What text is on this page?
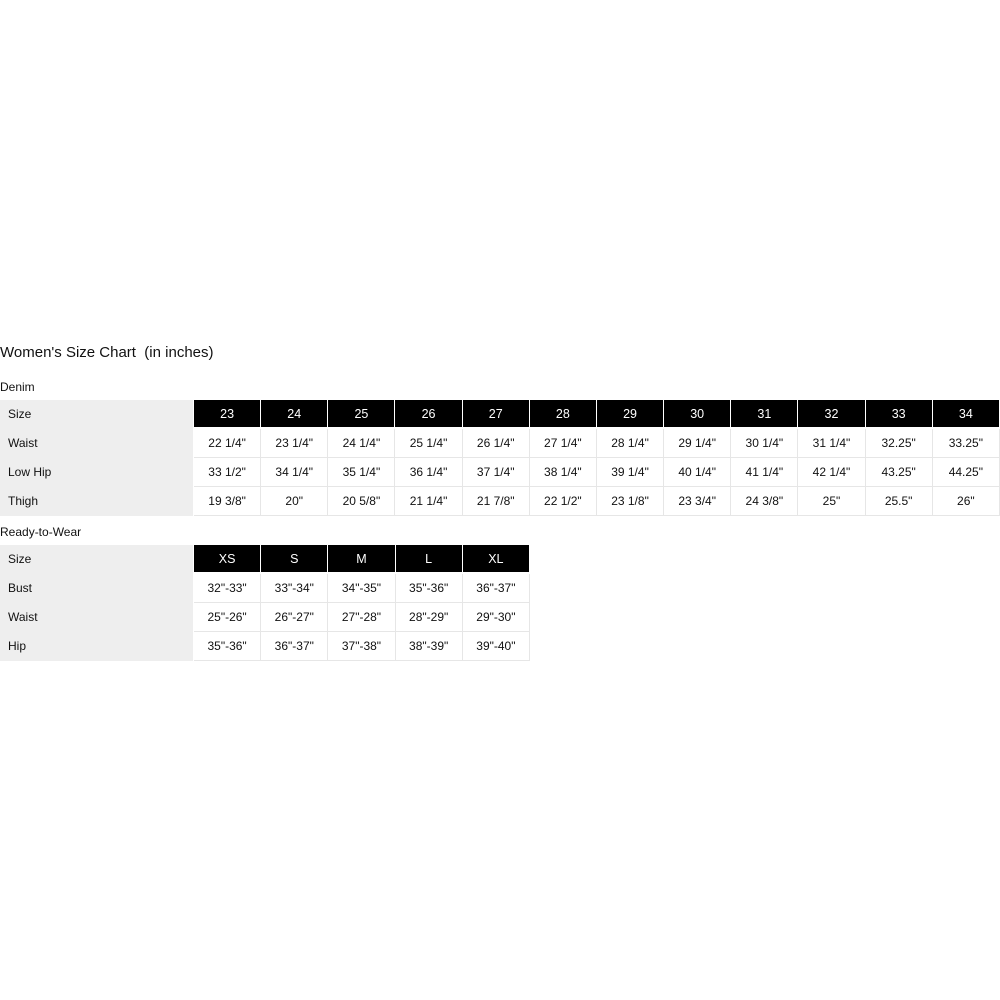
Women's Size Chart  (in inches)
Denim
Size	23	24	25	26	27	28	29	30	31	32	33	34
Waist	22 1/4"	23 1/4"	24 1/4"	25 1/4"	26 1/4"	27 1/4"	28 1/4"	29 1/4"	30 1/4"	31 1/4"	32.25"	33.25"
Low Hip	33 1/2"	34 1/4"	35 1/4"	36 1/4"	37 1/4"	38 1/4"	39 1/4"	40 1/4"	41 1/4"	42 1/4"	43.25"	44.25"
Thigh	19 3/8"	20"	20 5/8"	21 1/4"	21 7/8"	22 1/2"	23 1/8"	23 3/4"	24 3/8"	25"	25.5"	26"
Ready-to-Wear
Size	XS	S	M	L	XL
Bust	32"-33"	33"-34"	34"-35"	35"-36"	36"-37"
Waist	25"-26"	26"-27"	27"-28"	28"-29"	29"-30"
Hip	35"-36"	36"-37"	37"-38"	38"-39"	39"-40"
